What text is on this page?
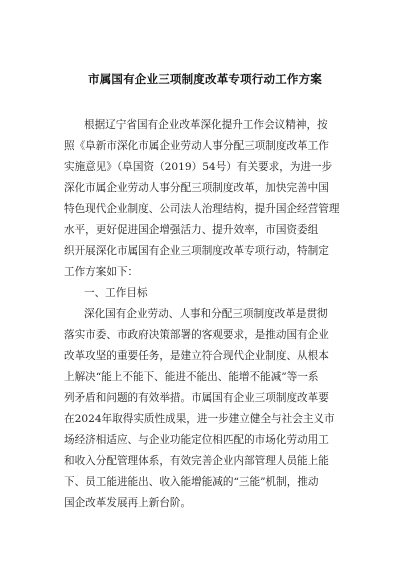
市属国有企业三项制度改革专项行动工作方案
根据辽宁省国有企业改革深化提升工作会议精神，按
照《阜新市深化市属企业劳动人事分配三项制度改革工作
实施意见》（阜国资（2019）54号）有关要求，为进一步
深化市属企业劳动人事分配三项制度改革，加快完善中国
特色现代企业制度、公司法人治理结构，提升国企经营管理
水平，更好促进国企增强活力、提升效率，市国资委组
织开展深化市属国有企业三项制度改革专项行动，特制定
工作方案如下：
一、工作目标
深化国有企业劳动、人事和分配三项制度改革是贯彻
落实市委、市政府决策部署的客观要求，是推动国有企业
改革攻坚的重要任务，是建立符合现代企业制度、从根本
上解决“能上不能下、能进不能出、能增不能减”等一系
列矛盾和问题的有效举措。市属国有企业三项制度改革要
在2024年取得实质性成果，进一步建立健全与社会主义市
场经济相适应、与企业功能定位相匹配的市场化劳动用工
和收入分配管理体系，有效完善企业内部管理人员能上能
下、员工能进能出、收入能增能减的“三能”机制，推动
国企改革发展再上新台阶。
